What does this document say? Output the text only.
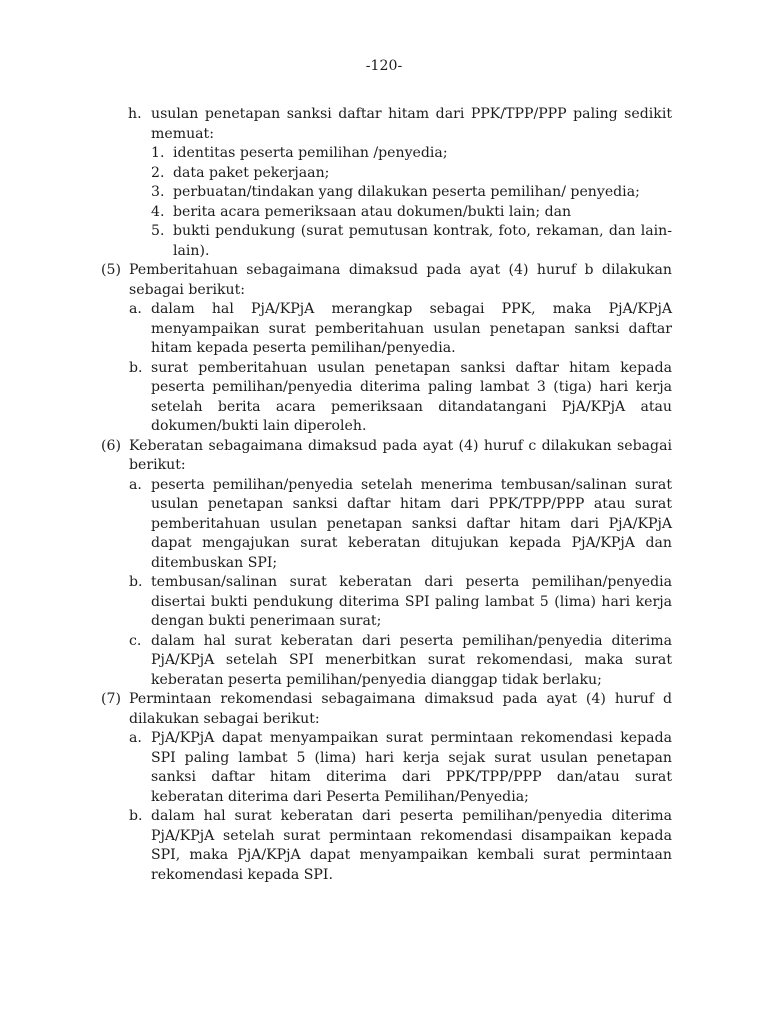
-120-
h. usulan penetapan sanksi daftar hitam dari PPK/TPP/PPP paling sedikit memuat:
1. identitas peserta pemilihan /penyedia;
2. data paket pekerjaan;
3. perbuatan/tindakan yang dilakukan peserta pemilihan/ penyedia;
4. berita acara pemeriksaan atau dokumen/bukti lain; dan
5. bukti pendukung (surat pemutusan kontrak, foto, rekaman, dan lain- lain).
(5) Pemberitahuan sebagaimana dimaksud pada ayat (4) huruf b dilakukan sebagai berikut:
a. dalam hal PjA/KPjA merangkap sebagai PPK, maka PjA/KPjA menyampaikan surat pemberitahuan usulan penetapan sanksi daftar hitam kepada peserta pemilihan/penyedia.
b. surat pemberitahuan usulan penetapan sanksi daftar hitam kepada peserta pemilihan/penyedia diterima paling lambat 3 (tiga) hari kerja setelah berita acara pemeriksaan ditandatangani PjA/KPjA atau dokumen/bukti lain diperoleh.
(6) Keberatan sebagaimana dimaksud pada ayat (4) huruf c dilakukan sebagai berikut:
a. peserta pemilihan/penyedia setelah menerima tembusan/salinan surat usulan penetapan sanksi daftar hitam dari PPK/TPP/PPP atau surat pemberitahuan usulan penetapan sanksi daftar hitam dari PjA/KPjA dapat mengajukan surat keberatan ditujukan kepada PjA/KPjA dan ditembuskan SPI;
b. tembusan/salinan surat keberatan dari peserta pemilihan/penyedia disertai bukti pendukung diterima SPI paling lambat 5 (lima) hari kerja dengan bukti penerimaan surat;
c. dalam hal surat keberatan dari peserta pemilihan/penyedia diterima PjA/KPjA setelah SPI menerbitkan surat rekomendasi, maka surat keberatan peserta pemilihan/penyedia dianggap tidak berlaku;
(7) Permintaan rekomendasi sebagaimana dimaksud pada ayat (4) huruf d dilakukan sebagai berikut:
a. PjA/KPjA dapat menyampaikan surat permintaan rekomendasi kepada SPI paling lambat 5 (lima) hari kerja sejak surat usulan penetapan sanksi daftar hitam diterima dari PPK/TPP/PPP dan/atau surat keberatan diterima dari Peserta Pemilihan/Penyedia;
b. dalam hal surat keberatan dari peserta pemilihan/penyedia diterima PjA/KPjA setelah surat permintaan rekomendasi disampaikan kepada SPI, maka PjA/KPjA dapat menyampaikan kembali surat permintaan rekomendasi kepada SPI.
